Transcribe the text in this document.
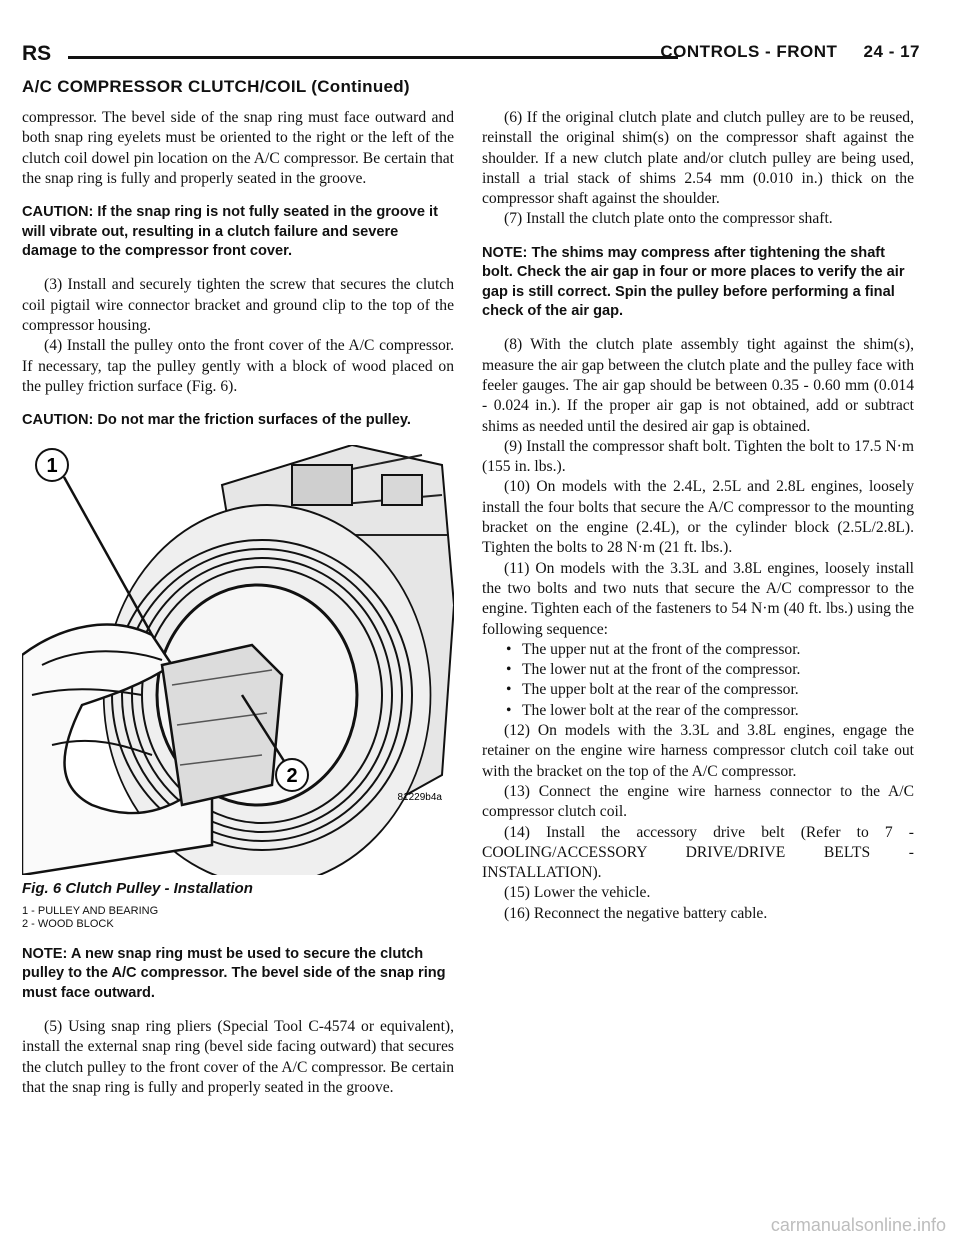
RS	CONTROLS - FRONT     24 - 17
A/C COMPRESSOR CLUTCH/COIL (Continued)

compressor. The bevel side of the snap ring must face outward and both snap ring eyelets must be oriented to the right or the left of the clutch coil dowel pin location on the A/C compressor. Be certain that the snap ring is fully and properly seated in the groove.

CAUTION: If the snap ring is not fully seated in the groove it will vibrate out, resulting in a clutch failure and severe damage to the compressor front cover.

(3) Install and securely tighten the screw that secures the clutch coil pigtail wire connector bracket and ground clip to the top of the compressor housing.

(4) Install the pulley onto the front cover of the A/C compressor. If necessary, tap the pulley gently with a block of wood placed on the pulley friction surface (Fig. 6).

CAUTION: Do not mar the friction surfaces of the pulley.

1
2
81229b4a
Fig. 6 Clutch Pulley - Installation
1 - PULLEY AND BEARING
2 - WOOD BLOCK

NOTE: A new snap ring must be used to secure the clutch pulley to the A/C compressor. The bevel side of the snap ring must face outward.

(5) Using snap ring pliers (Special Tool C-4574 or equivalent), install the external snap ring (bevel side facing outward) that secures the clutch pulley to the front cover of the A/C compressor. Be certain that the snap ring is fully and properly seated in the groove.

(6) If the original clutch plate and clutch pulley are to be reused, reinstall the original shim(s) on the compressor shaft against the shoulder. If a new clutch plate and/or clutch pulley are being used, install a trial stack of shims 2.54 mm (0.010 in.) thick on the compressor shaft against the shoulder.

(7) Install the clutch plate onto the compressor shaft.

NOTE: The shims may compress after tightening the shaft bolt. Check the air gap in four or more places to verify the air gap is still correct. Spin the pulley before performing a final check of the air gap.

(8) With the clutch plate assembly tight against the shim(s), measure the air gap between the clutch plate and the pulley face with feeler gauges. The air gap should be between 0.35 - 0.60 mm (0.014 - 0.024 in.). If the proper air gap is not obtained, add or subtract shims as needed until the desired air gap is obtained.

(9) Install the compressor shaft bolt. Tighten the bolt to 17.5 N·m (155 in. lbs.).

(10) On models with the 2.4L, 2.5L and 2.8L engines, loosely install the four bolts that secure the A/C compressor to the mounting bracket on the engine (2.4L), or the cylinder block (2.5L/2.8L). Tighten the bolts to 28 N·m (21 ft. lbs.).

(11) On models with the 3.3L and 3.8L engines, loosely install the two bolts and two nuts that secure the A/C compressor to the engine. Tighten each of the fasteners to 54 N·m (40 ft. lbs.) using the following sequence:

• The upper nut at the front of the compressor.
• The lower nut at the front of the compressor.
• The upper bolt at the rear of the compressor.
• The lower bolt at the rear of the compressor.

(12) On models with the 3.3L and 3.8L engines, engage the retainer on the engine wire harness compressor clutch coil take out with the bracket on the top of the A/C compressor.

(13) Connect the engine wire harness connector to the A/C compressor clutch coil.

(14) Install the accessory drive belt (Refer to 7 - COOLING/ACCESSORY DRIVE/DRIVE BELTS - INSTALLATION).

(15) Lower the vehicle.

(16) Reconnect the negative battery cable.

carmanualsonline.info
